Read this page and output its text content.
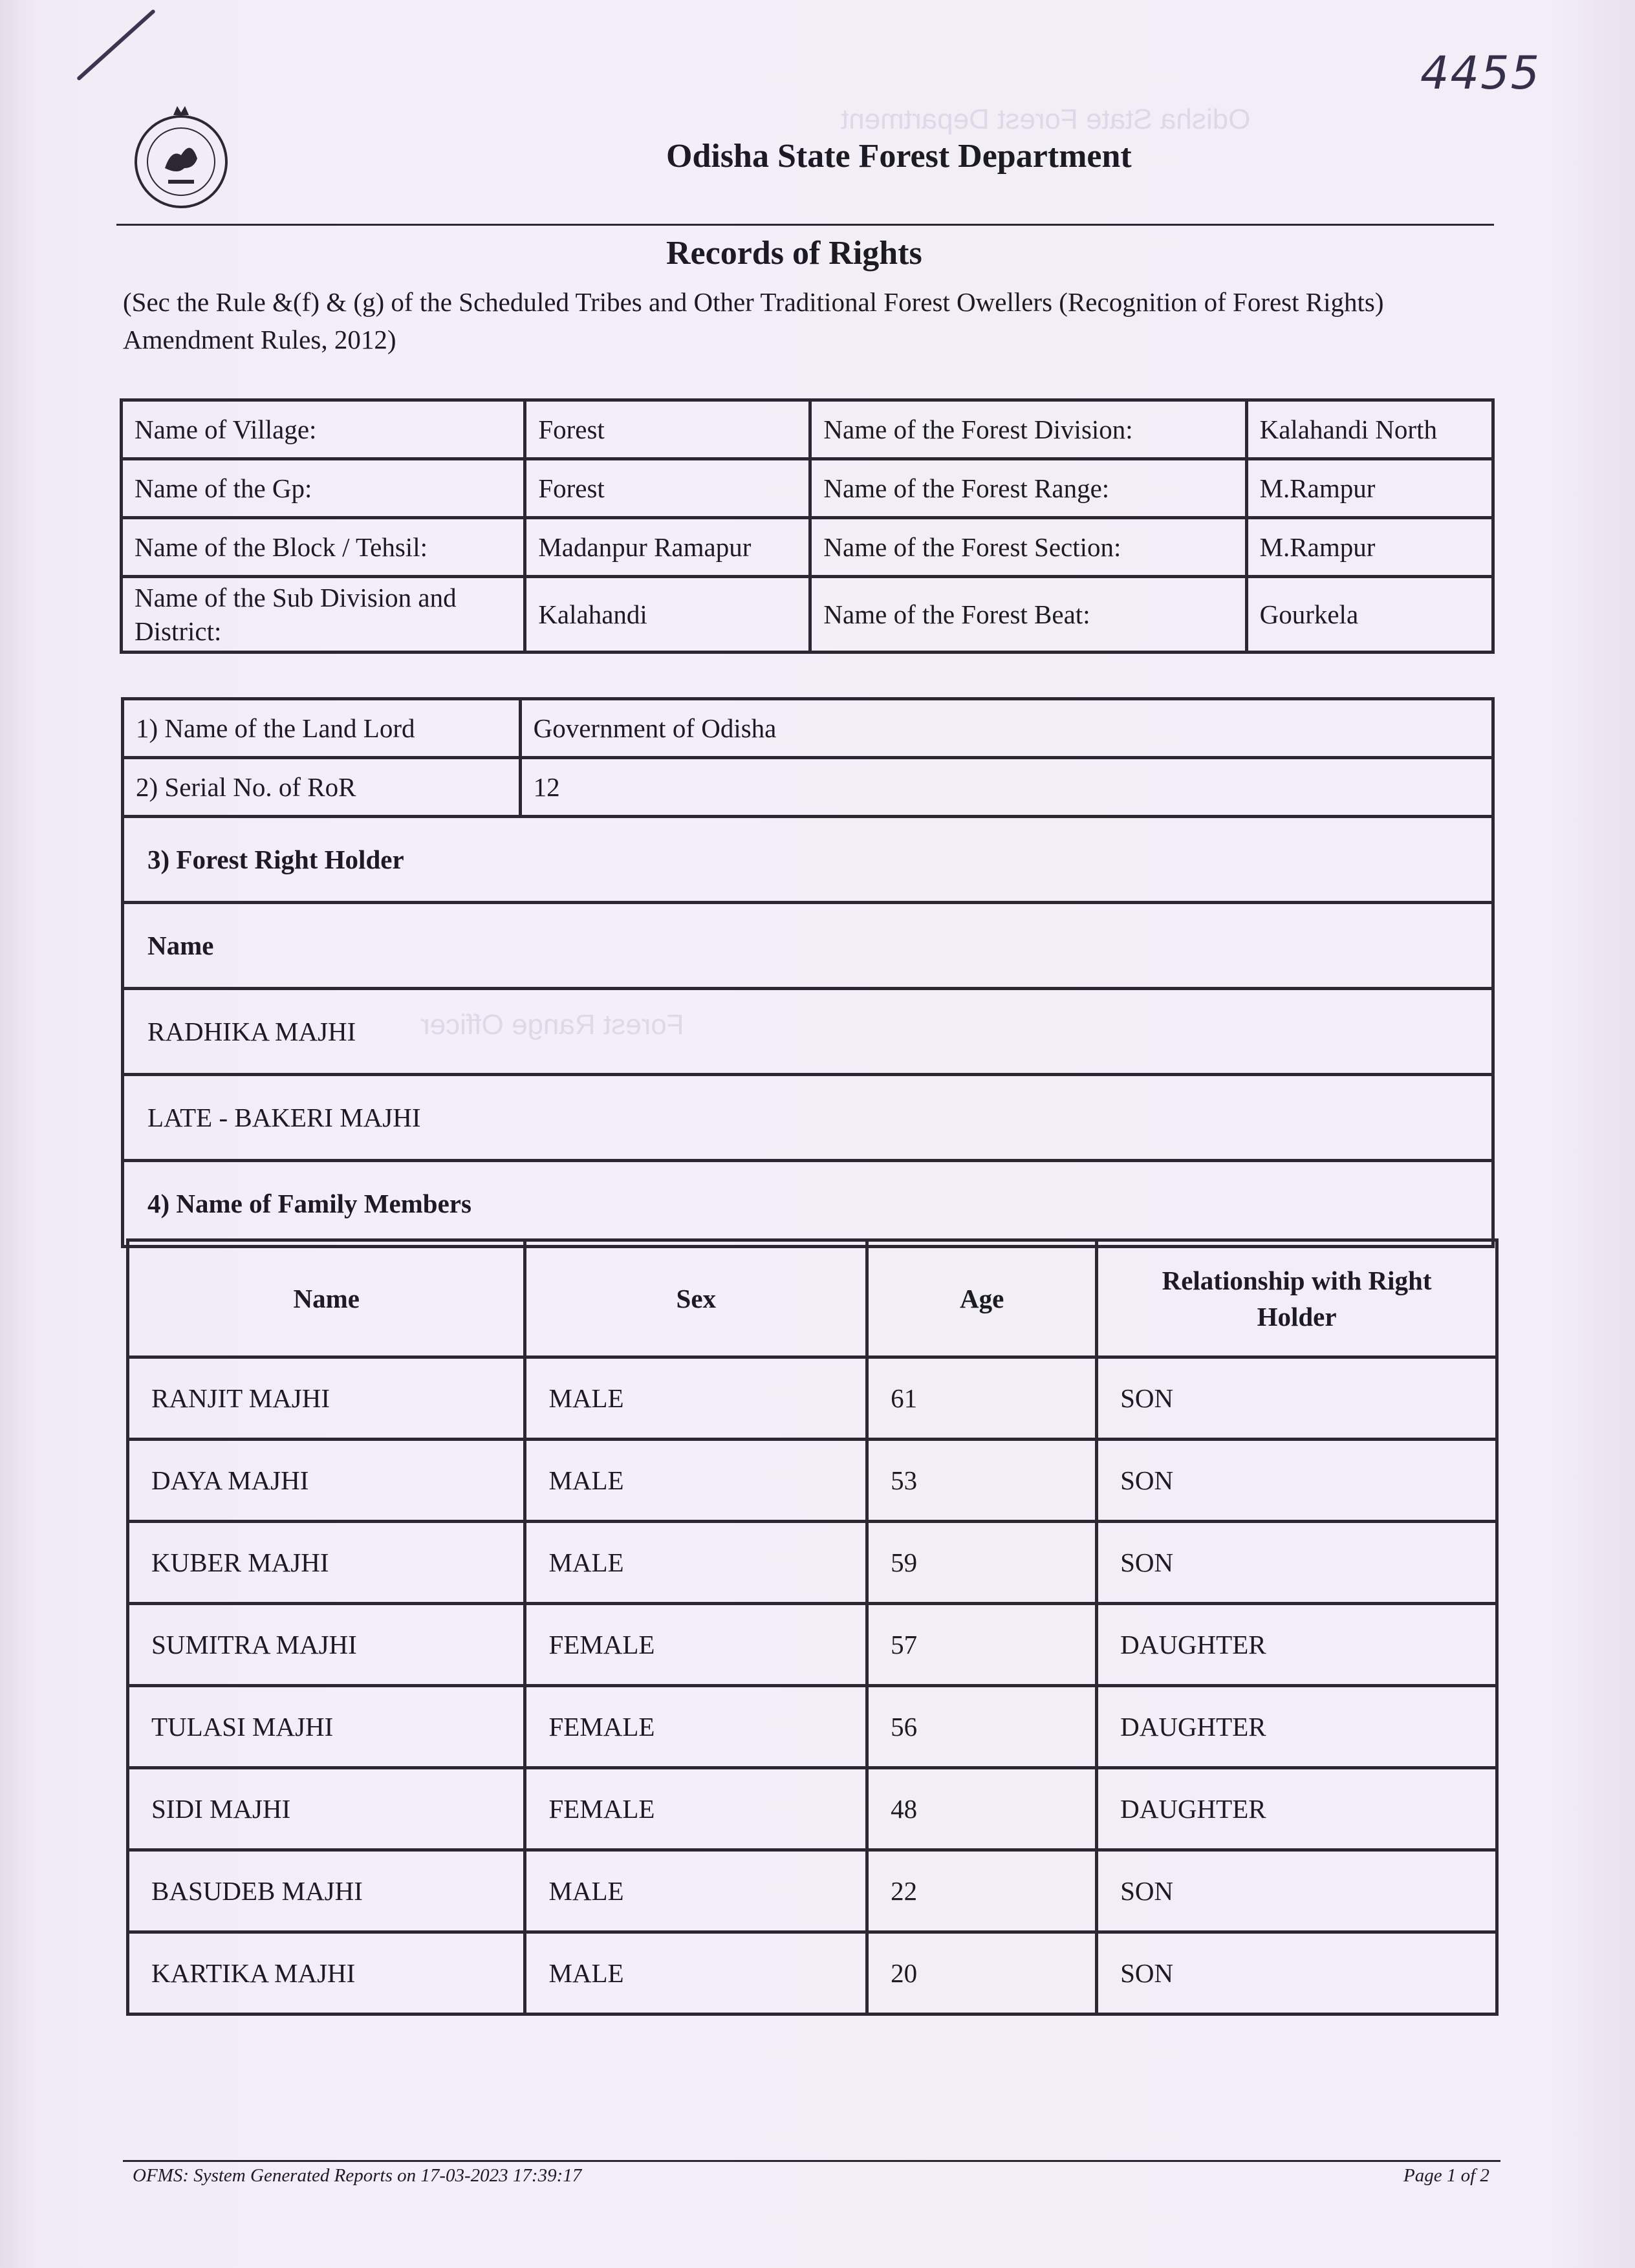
4455
Odisha State Forest Department
Records of Rights
(Sec the Rule &(f) & (g) of the Scheduled Tribes and Other Traditional Forest Owellers (Recognition of Forest Rights) Amendment Rules, 2012)
Odisha State Forest Department
Forest Range Officer
Name of Village:	Forest	Name of the Forest Division:	Kalahandi North
Name of the Gp:	Forest	Name of the Forest Range:	M.Rampur
Name of the Block / Tehsil:	Madanpur Ramapur	Name of the Forest Section:	M.Rampur
Name of the Sub Division and District:	Kalahandi	Name of the Forest Beat:	Gourkela
1) Name of the Land Lord	Government of Odisha
2) Serial No. of RoR	12
3) Forest Right Holder	
Name	
RADHIKA MAJHI	
LATE - BAKERI MAJHI	
4) Name of Family Members	
Name	Sex	Age	Relationship with Right Holder
RANJIT MAJHI	MALE	61	SON
DAYA MAJHI	MALE	53	SON
KUBER MAJHI	MALE	59	SON
SUMITRA MAJHI	FEMALE	57	DAUGHTER
TULASI MAJHI	FEMALE	56	DAUGHTER
SIDI MAJHI	FEMALE	48	DAUGHTER
BASUDEB MAJHI	MALE	22	SON
KARTIKA MAJHI	MALE	20	SON
OFMS: System Generated Reports on 17-03-2023 17:39:17	Page 1 of 2
